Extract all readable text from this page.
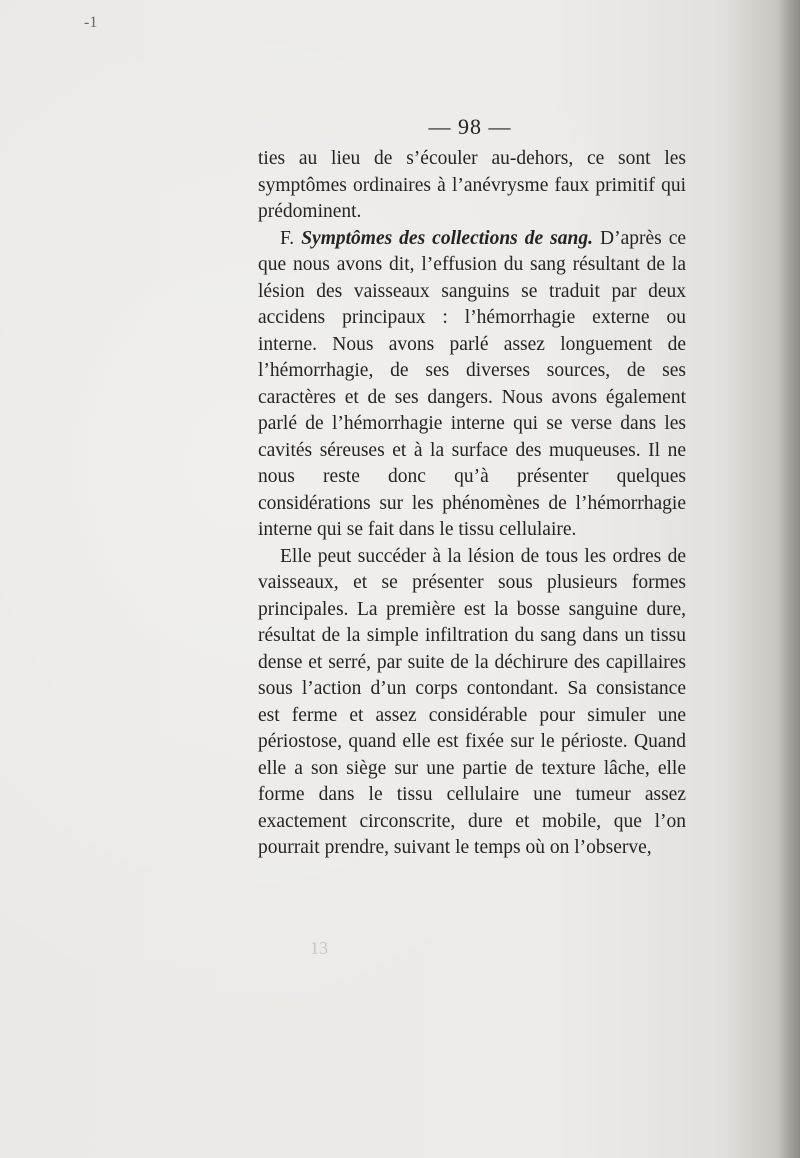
-1
— 98 —

ties au lieu de s’écouler au-dehors, ce sont les symptômes ordinaires à l’anévrysme faux primitif qui prédominent.

F. Symptômes des collections de sang. D’après ce que nous avons dit, l’effusion du sang résultant de la lésion des vaisseaux sanguins se traduit par deux accidens principaux : l’hémorrhagie externe ou interne. Nous avons parlé assez longuement de l’hémorrhagie, de ses diverses sources, de ses caractères et de ses dangers. Nous avons également parlé de l’hémorrhagie interne qui se verse dans les cavités séreuses et à la surface des muqueuses. Il ne nous reste donc qu’à présenter quelques considérations sur les phénomènes de l’hémorrhagie interne qui se fait dans le tissu cellulaire.

Elle peut succéder à la lésion de tous les ordres de vaisseaux, et se présenter sous plusieurs formes principales. La première est la bosse sanguine dure, résultat de la simple infiltration du sang dans un tissu dense et serré, par suite de la déchirure des capillaires sous l’action d’un corps contondant. Sa consistance est ferme et assez considérable pour simuler une périostose, quand elle est fixée sur le périoste. Quand elle a son siège sur une partie de texture lâche, elle forme dans le tissu cellulaire une tumeur assez exactement circonscrite, dure et mobile, que l’on pourrait prendre, suivant le temps où on l’observe,

13
